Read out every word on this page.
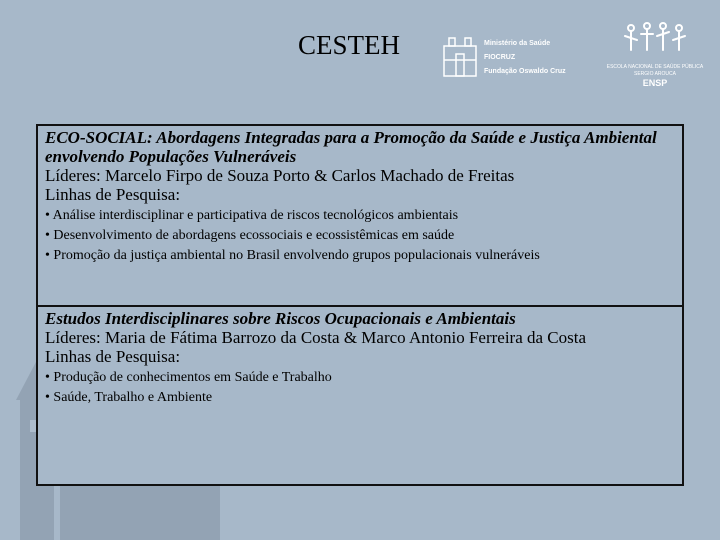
CESTEH	Ministério da Saúde
FIOCRUZ
Fundação Oswaldo Cruz
ESCOLA NACIONAL DE SAÚDE PÚBLICA
SERGIO AROUCA
ENSP
ECO-SOCIAL: Abordagens Integradas para a Promoção da Saúde e Justiça Ambiental envolvendo Populações Vulneráveis
Líderes: Marcelo Firpo de Souza Porto & Carlos Machado de Freitas
Linhas de Pesquisa:
• Análise interdisciplinar e participativa de riscos tecnológicos ambientais
• Desenvolvimento de abordagens ecossociais e ecossistêmicas em saúde
• Promoção da justiça ambiental no Brasil envolvendo grupos populacionais vulneráveis
Estudos Interdisciplinares sobre Riscos Ocupacionais e Ambientais
Líderes: Maria de Fátima Barrozo da Costa & Marco Antonio Ferreira da Costa
Linhas de Pesquisa:
• Produção de conhecimentos em Saúde e Trabalho
• Saúde, Trabalho e Ambiente
